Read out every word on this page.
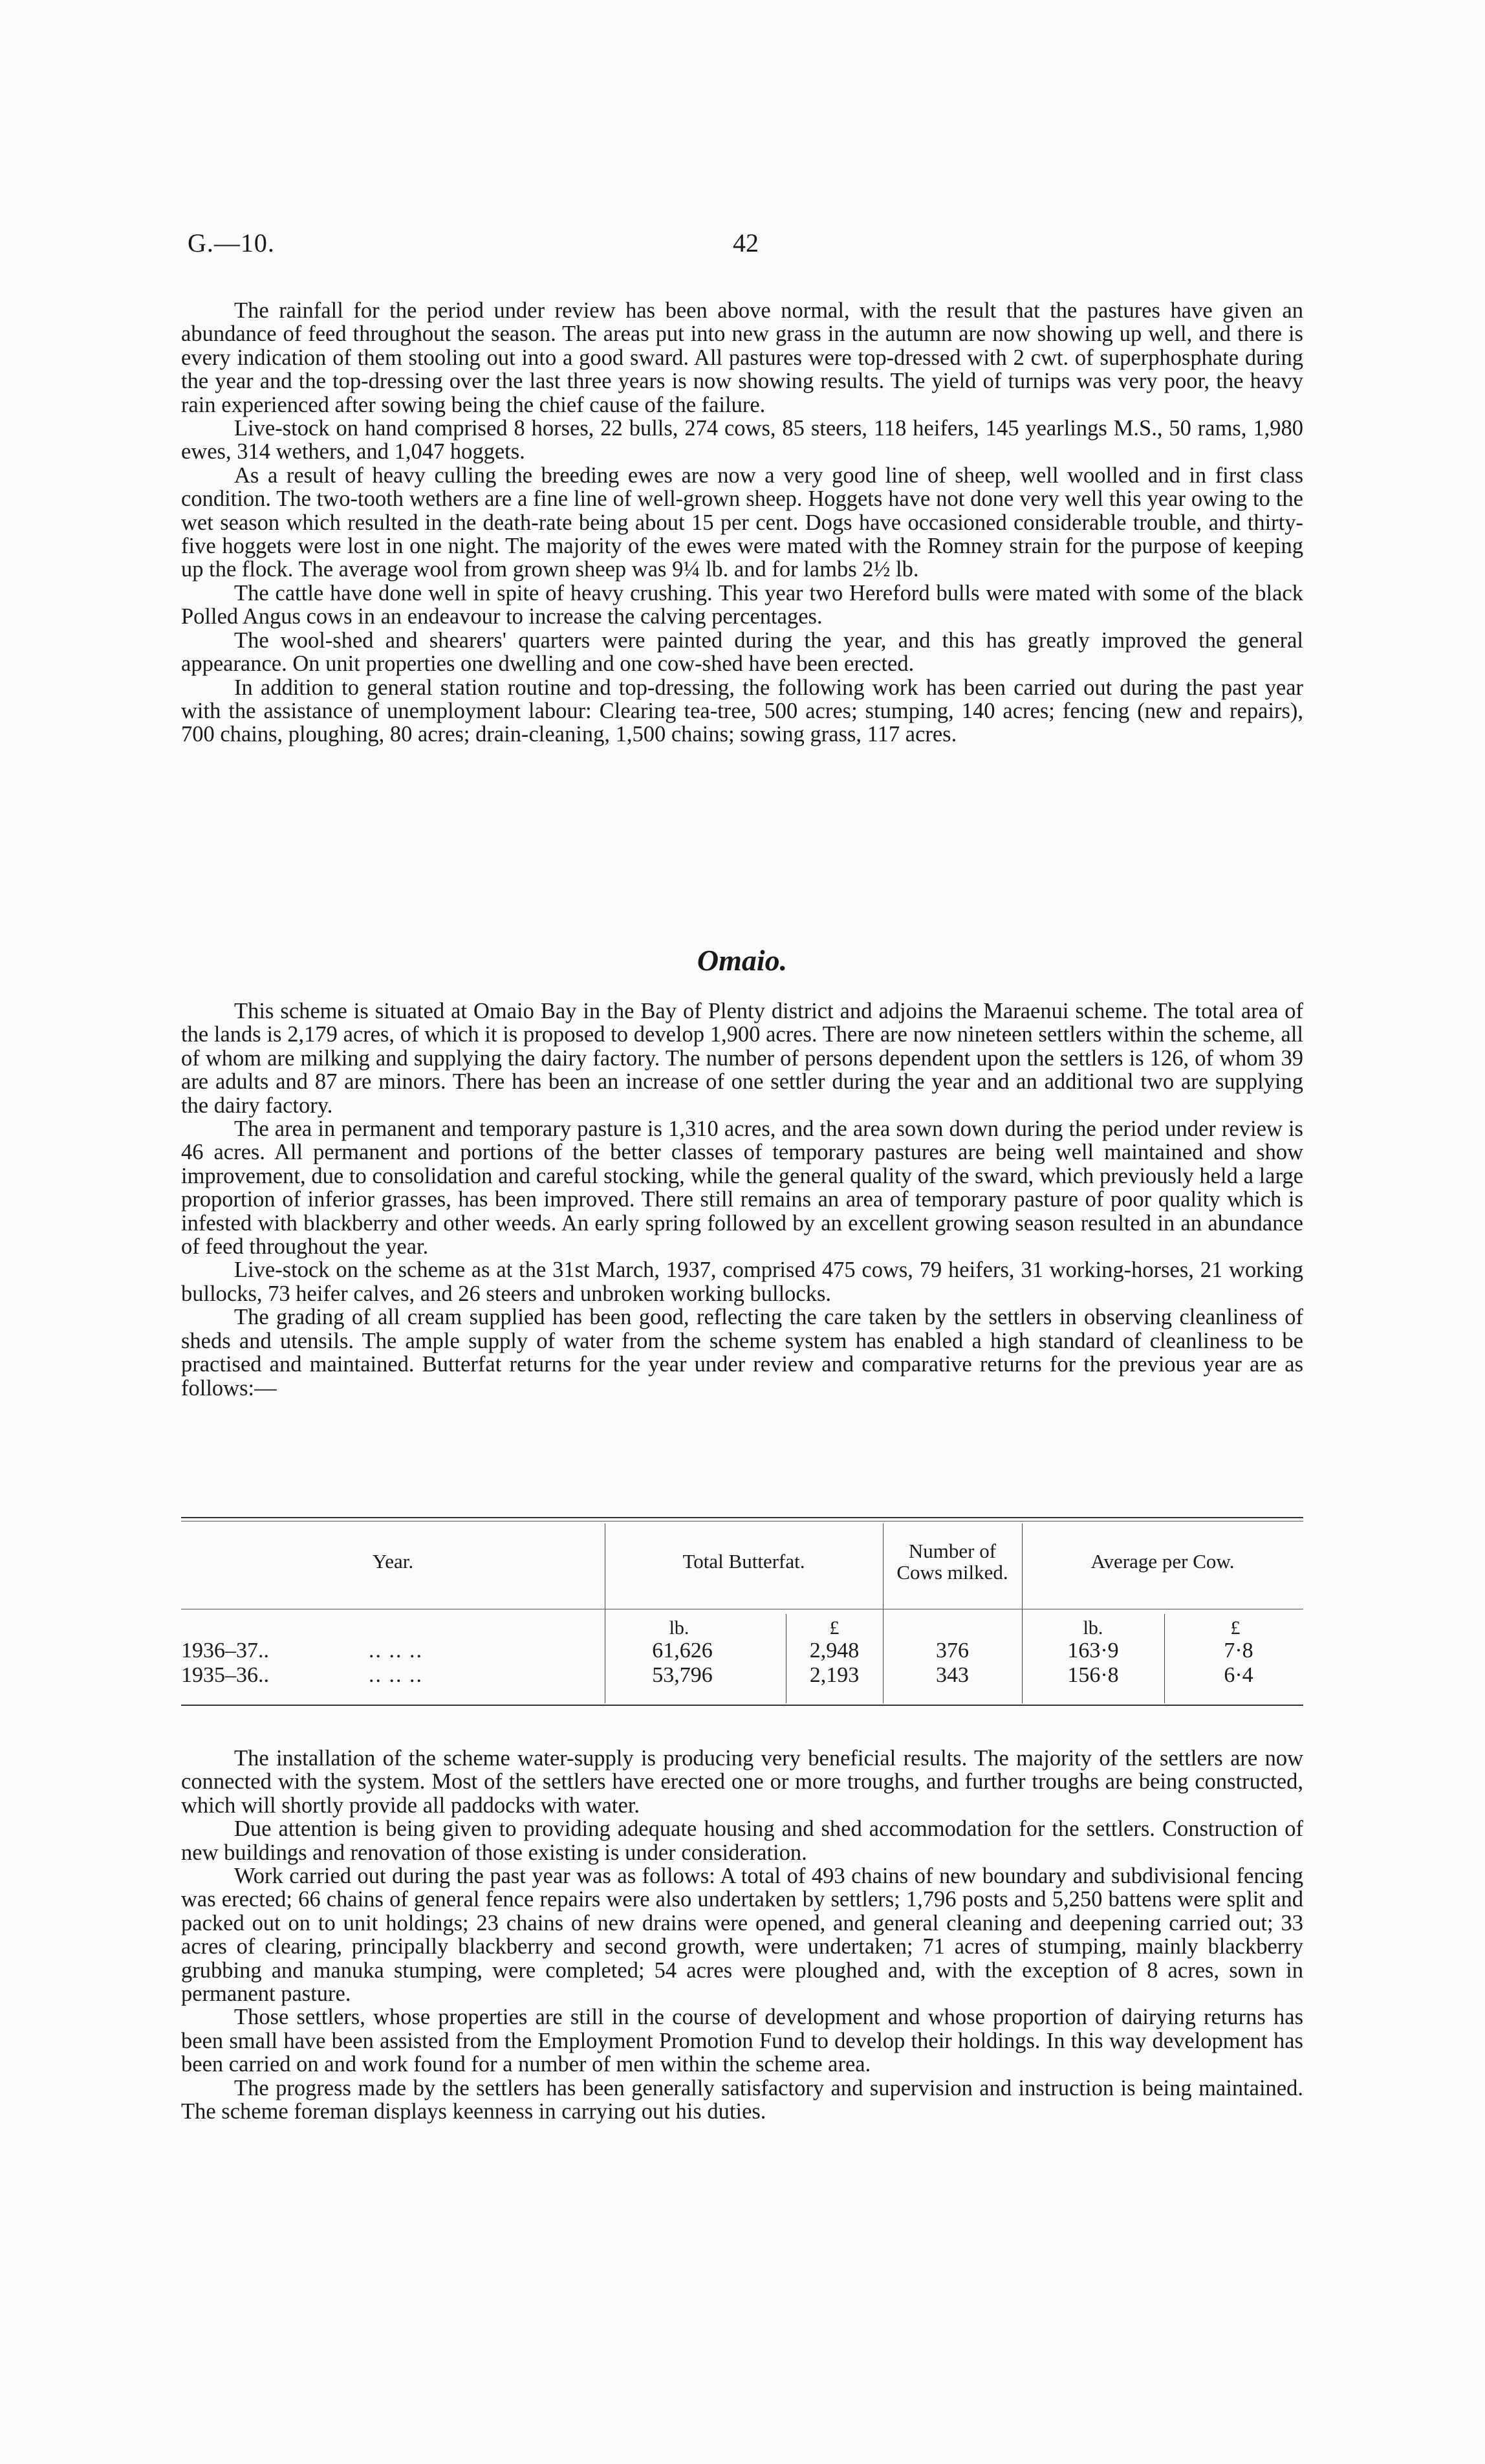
G.—10.	42

The rainfall for the period under review has been above normal, with the result that the pastures have given an abundance of feed throughout the season. The areas put into new grass in the autumn are now showing up well, and there is every indication of them stooling out into a good sward. All pastures were top-dressed with 2 cwt. of superphosphate during the year and the top-dressing over the last three years is now showing results. The yield of turnips was very poor, the heavy rain experienced after sowing being the chief cause of the failure.

Live-stock on hand comprised 8 horses, 22 bulls, 274 cows, 85 steers, 118 heifers, 145 yearlings M.S., 50 rams, 1,980 ewes, 314 wethers, and 1,047 hoggets.

As a result of heavy culling the breeding ewes are now a very good line of sheep, well woolled and in first class condition. The two-tooth wethers are a fine line of well-grown sheep. Hoggets have not done very well this year owing to the wet season which resulted in the death-rate being about 15 per cent. Dogs have occasioned considerable trouble, and thirty-five hoggets were lost in one night. The majority of the ewes were mated with the Romney strain for the purpose of keeping up the flock. The average wool from grown sheep was 9¼ lb. and for lambs 2½ lb.

The cattle have done well in spite of heavy crushing. This year two Hereford bulls were mated with some of the black Polled Angus cows in an endeavour to increase the calving percentages.

The wool-shed and shearers' quarters were painted during the year, and this has greatly improved the general appearance. On unit properties one dwelling and one cow-shed have been erected.

In addition to general station routine and top-dressing, the following work has been carried out during the past year with the assistance of unemployment labour: Clearing tea-tree, 500 acres; stumping, 140 acres; fencing (new and repairs), 700 chains, ploughing, 80 acres; drain-cleaning, 1,500 chains; sowing grass, 117 acres.

Omaio.

This scheme is situated at Omaio Bay in the Bay of Plenty district and adjoins the Maraenui scheme. The total area of the lands is 2,179 acres, of which it is proposed to develop 1,900 acres. There are now nineteen settlers within the scheme, all of whom are milking and supplying the dairy factory. The number of persons dependent upon the settlers is 126, of whom 39 are adults and 87 are minors. There has been an increase of one settler during the year and an additional two are supplying the dairy factory.

The area in permanent and temporary pasture is 1,310 acres, and the area sown down during the period under review is 46 acres. All permanent and portions of the better classes of temporary pastures are being well maintained and show improvement, due to consolidation and careful stocking, while the general quality of the sward, which previously held a large proportion of inferior grasses, has been improved. There still remains an area of temporary pasture of poor quality which is infested with blackberry and other weeds. An early spring followed by an excellent growing season resulted in an abundance of feed throughout the year.

Live-stock on the scheme as at the 31st March, 1937, comprised 475 cows, 79 heifers, 31 working-horses, 21 working bullocks, 73 heifer calves, and 26 steers and unbroken working bullocks.

The grading of all cream supplied has been good, reflecting the care taken by the settlers in observing cleanliness of sheds and utensils. The ample supply of water from the scheme system has enabled a high standard of cleanliness to be practised and maintained. Butterfat returns for the year under review and comparative returns for the previous year are as follows:—

Year.	Total Butterfat.	Number of Cows milked.	Average per Cow.
lb.	£	lb.	£
1936–37..	.. .. ..	61,626	2,948	376	163·9	7·8
1935–36..	.. .. ..	53,796	2,193	343	156·8	6·4

The installation of the scheme water-supply is producing very beneficial results. The majority of the settlers are now connected with the system. Most of the settlers have erected one or more troughs, and further troughs are being constructed, which will shortly provide all paddocks with water.

Due attention is being given to providing adequate housing and shed accommodation for the settlers. Construction of new buildings and renovation of those existing is under consideration.

Work carried out during the past year was as follows: A total of 493 chains of new boundary and subdivisional fencing was erected; 66 chains of general fence repairs were also undertaken by settlers; 1,796 posts and 5,250 battens were split and packed out on to unit holdings; 23 chains of new drains were opened, and general cleaning and deepening carried out; 33 acres of clearing, principally blackberry and second growth, were undertaken; 71 acres of stumping, mainly blackberry grubbing and manuka stumping, were completed; 54 acres were ploughed and, with the exception of 8 acres, sown in permanent pasture.

Those settlers, whose properties are still in the course of development and whose proportion of dairying returns has been small have been assisted from the Employment Promotion Fund to develop their holdings. In this way development has been carried on and work found for a number of men within the scheme area.

The progress made by the settlers has been generally satisfactory and supervision and instruction is being maintained. The scheme foreman displays keenness in carrying out his duties.
